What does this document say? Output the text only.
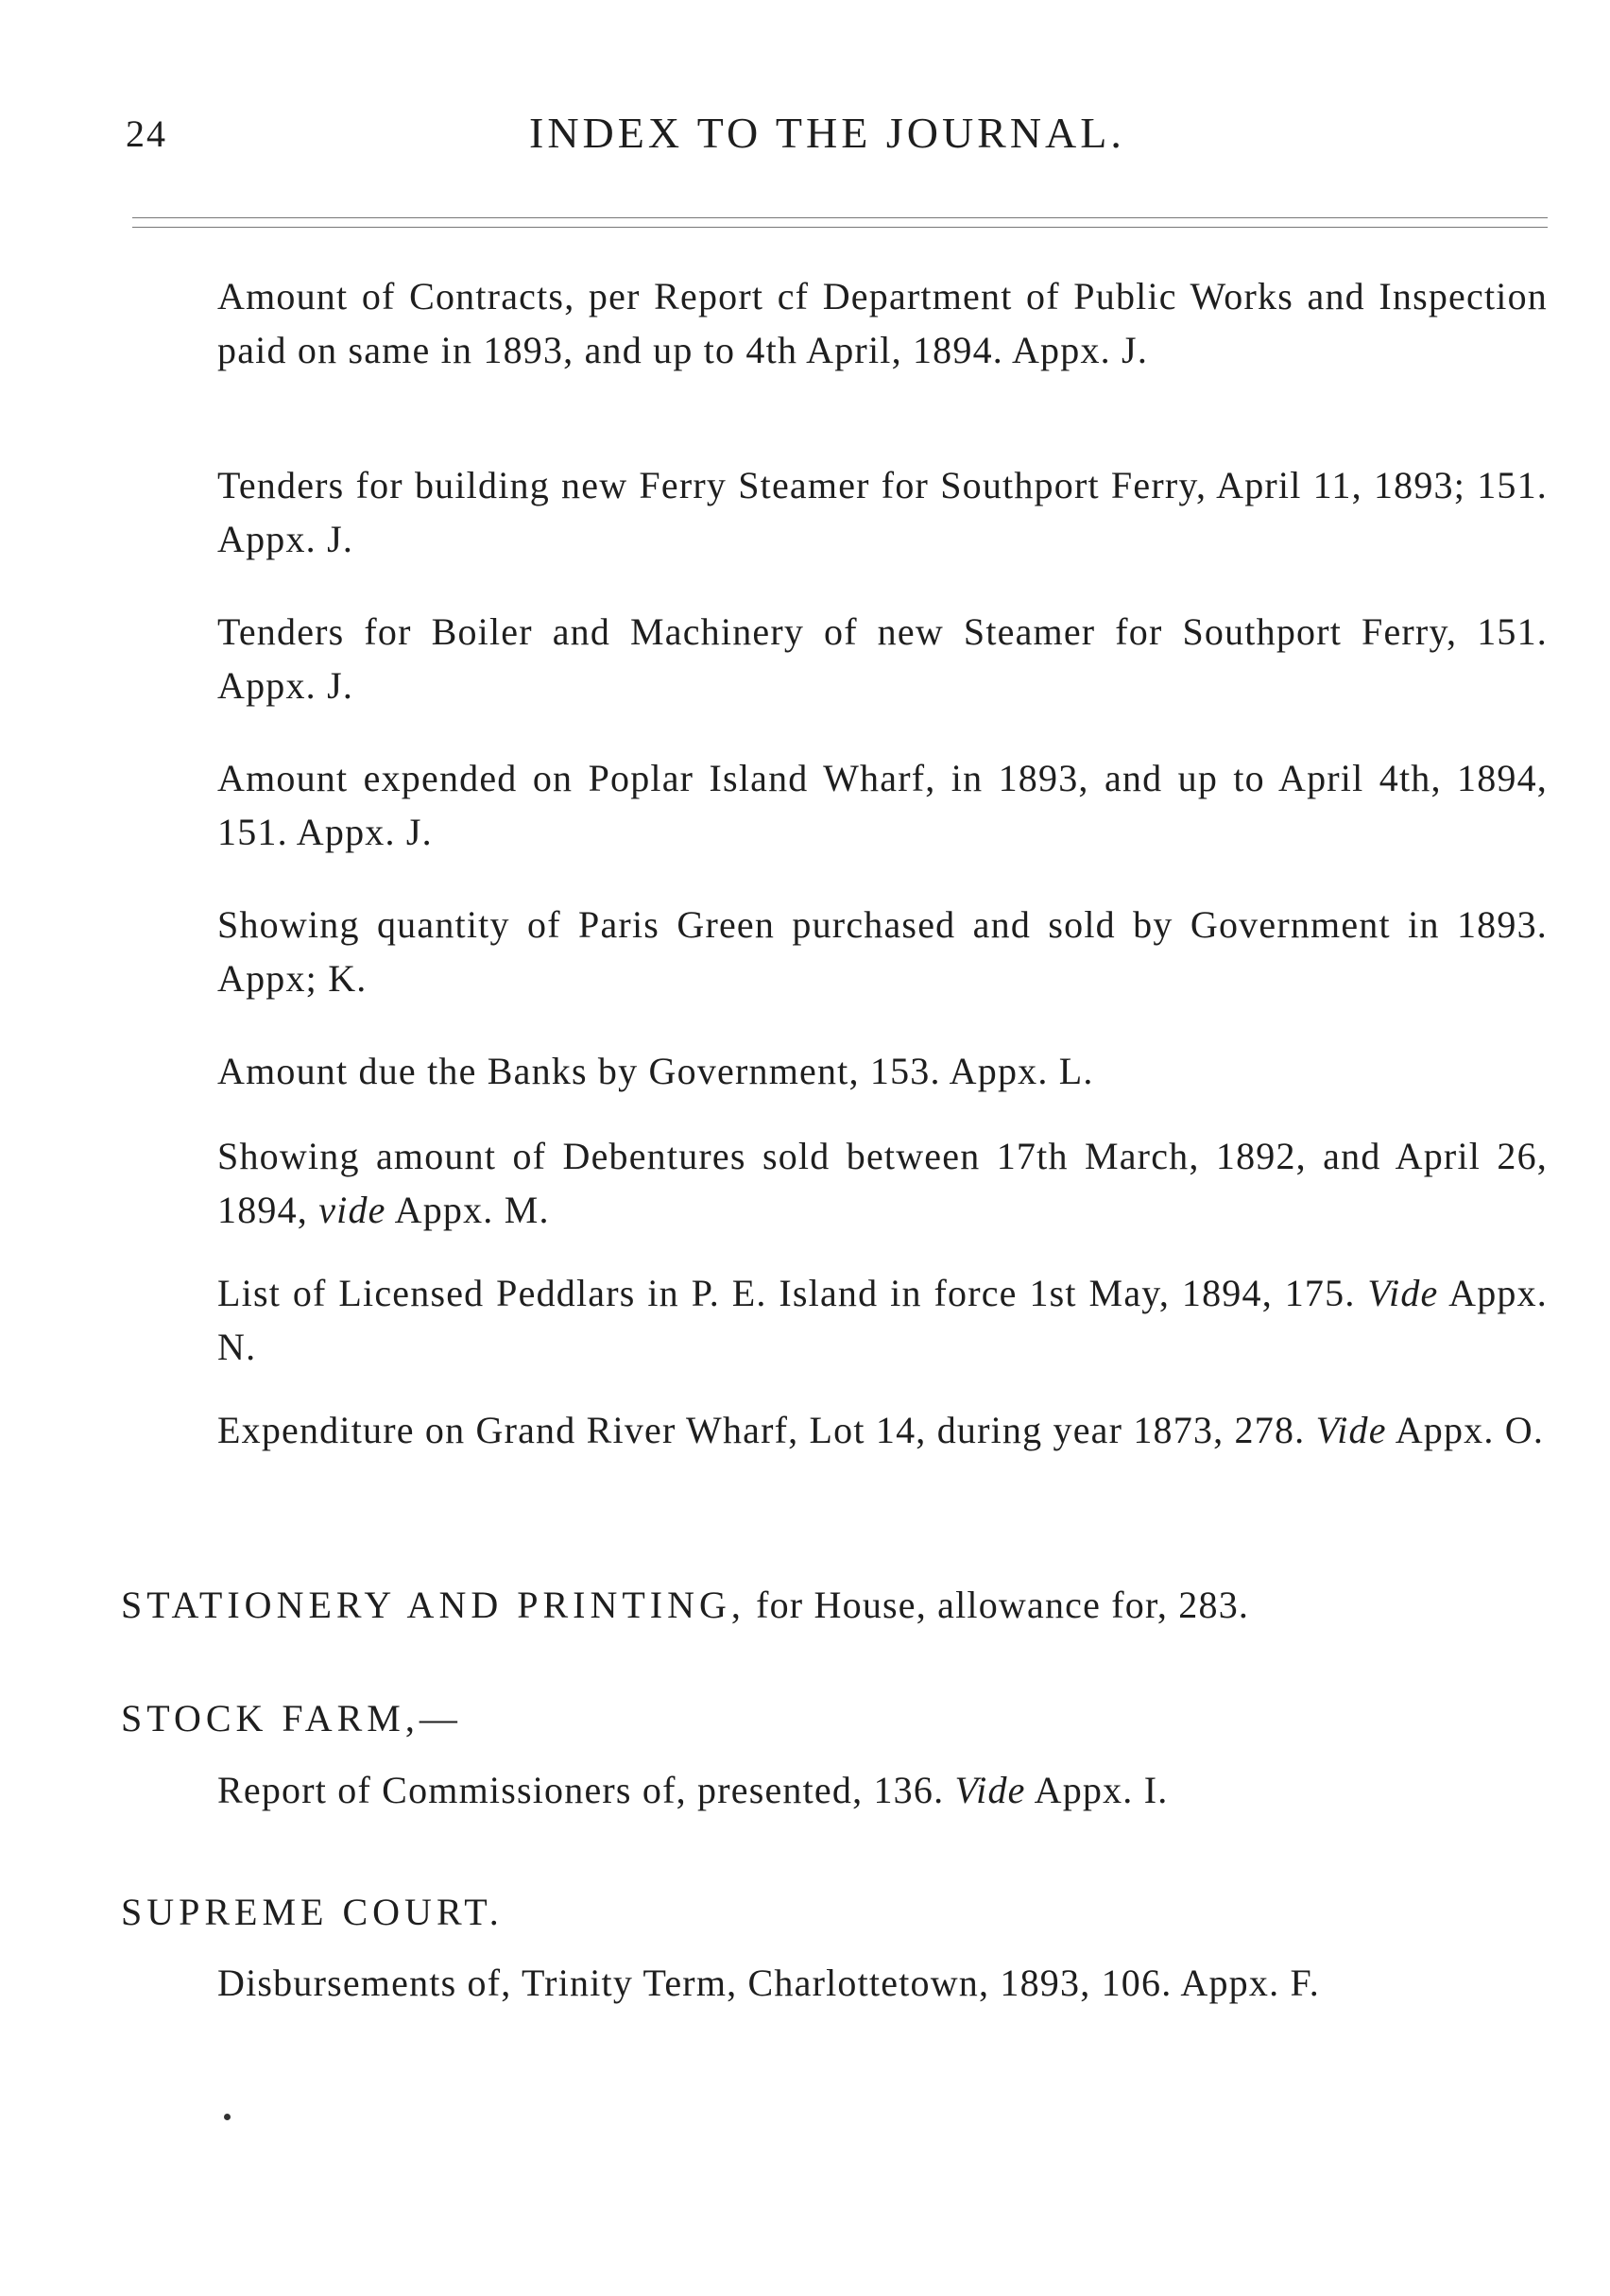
24	INDEX TO THE JOURNAL.

Amount of Contracts, per Report cf Department of Public Works and Inspection paid on same in 1893, and up to 4th April, 1894. Appx. J.

Tenders for building new Ferry Steamer for Southport Ferry, April 11, 1893; 151. Appx. J.

Tenders for Boiler and Machinery of new Steamer for Southport Ferry, 151. Appx. J.

Amount expended on Poplar Island Wharf, in 1893, and up to April 4th, 1894, 151. Appx. J.

Showing quantity of Paris Green purchased and sold by Government in 1893. Appx; K.

Amount due the Banks by Government, 153. Appx. L.

Showing amount of Debentures sold between 17th March, 1892, and April 26, 1894, vide Appx. M.

List of Licensed Peddlars in P. E. Island in force 1st May, 1894, 175. Vide Appx. N.

Expenditure on Grand River Wharf, Lot 14, during year 1873, 278. Vide Appx. O.

STATIONERY AND PRINTING, for House, allowance for, 283.

STOCK FARM,—

Report of Commissioners of, presented, 136. Vide Appx. I.

SUPREME COURT.

Disbursements of, Trinity Term, Charlottetown, 1893, 106. Appx. F.
